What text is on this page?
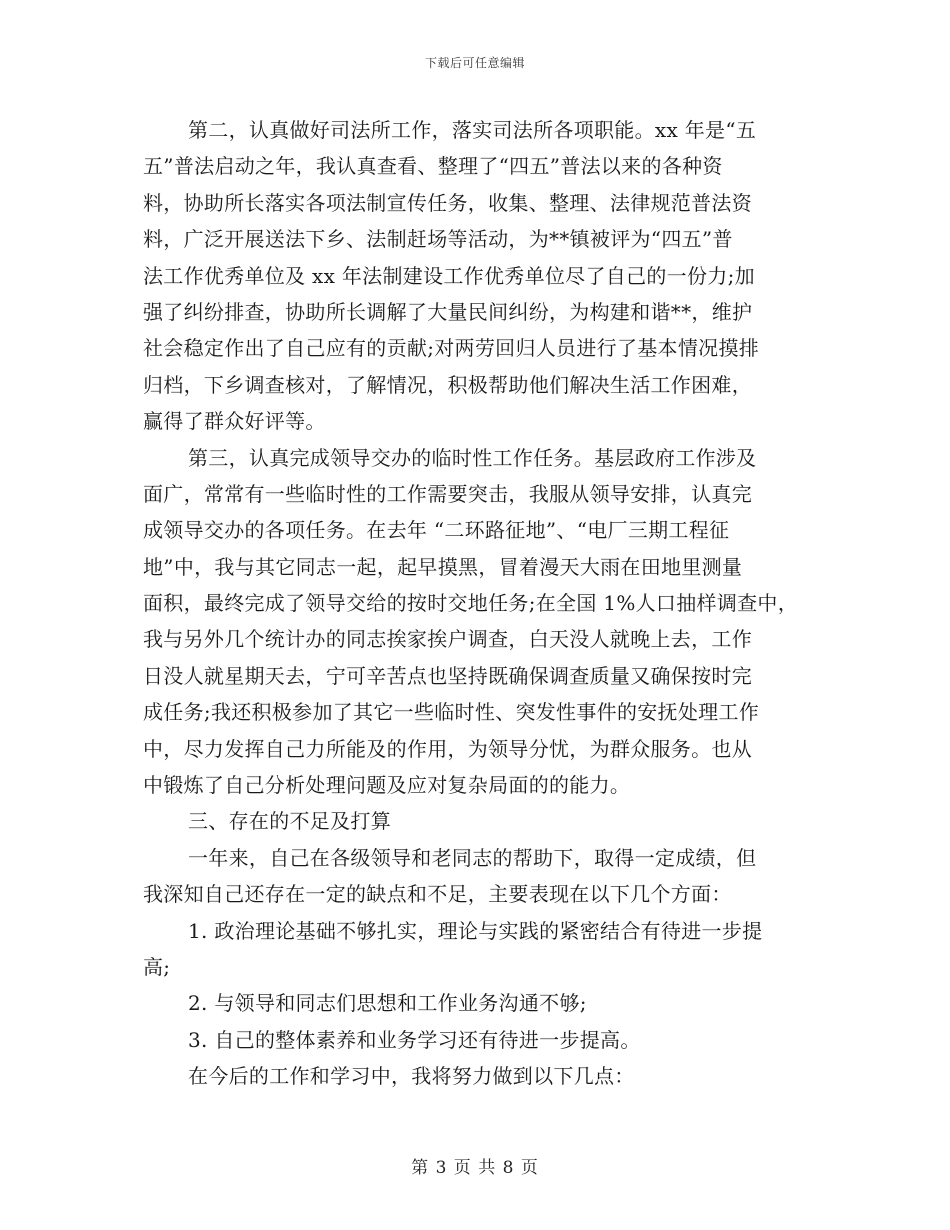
下载后可任意编辑
第二，认真做好司法所工作，落实司法所各项职能。xx 年是“五
五”普法启动之年，我认真查看、整理了“四五”普法以来的各种资
料，协助所长落实各项法制宣传任务，收集、整理、法律规范普法资
料，广泛开展送法下乡、法制赶场等活动，为**镇被评为“四五”普
法工作优秀单位及 xx 年法制建设工作优秀单位尽了自己的一份力;加
强了纠纷排查，协助所长调解了大量民间纠纷，为构建和谐**，维护
社会稳定作出了自己应有的贡献;对两劳回归人员进行了基本情况摸排
归档，下乡调查核对，了解情况，积极帮助他们解决生活工作困难，
赢得了群众好评等。
第三，认真完成领导交办的临时性工作任务。基层政府工作涉及
面广，常常有一些临时性的工作需要突击，我服从领导安排，认真完
成领导交办的各项任务。在去年 “二环路征地”、“电厂三期工程征
地”中，我与其它同志一起，起早摸黑，冒着漫天大雨在田地里测量
面积，最终完成了领导交给的按时交地任务;在全国 1%人口抽样调查中，
我与另外几个统计办的同志挨家挨户调查，白天没人就晚上去，工作
日没人就星期天去，宁可辛苦点也坚持既确保调查质量又确保按时完
成任务;我还积极参加了其它一些临时性、突发性事件的安抚处理工作
中，尽力发挥自己力所能及的作用，为领导分忧，为群众服务。也从
中锻炼了自己分析处理问题及应对复杂局面的的能力。
三、存在的不足及打算
一年来，自己在各级领导和老同志的帮助下，取得一定成绩，但
我深知自己还存在一定的缺点和不足，主要表现在以下几个方面：
1. 政治理论基础不够扎实，理论与实践的紧密结合有待进一步提
高;
2. 与领导和同志们思想和工作业务沟通不够;
3. 自己的整体素养和业务学习还有待进一步提高。
在今后的工作和学习中，我将努力做到以下几点：
第 3 页 共 8 页
